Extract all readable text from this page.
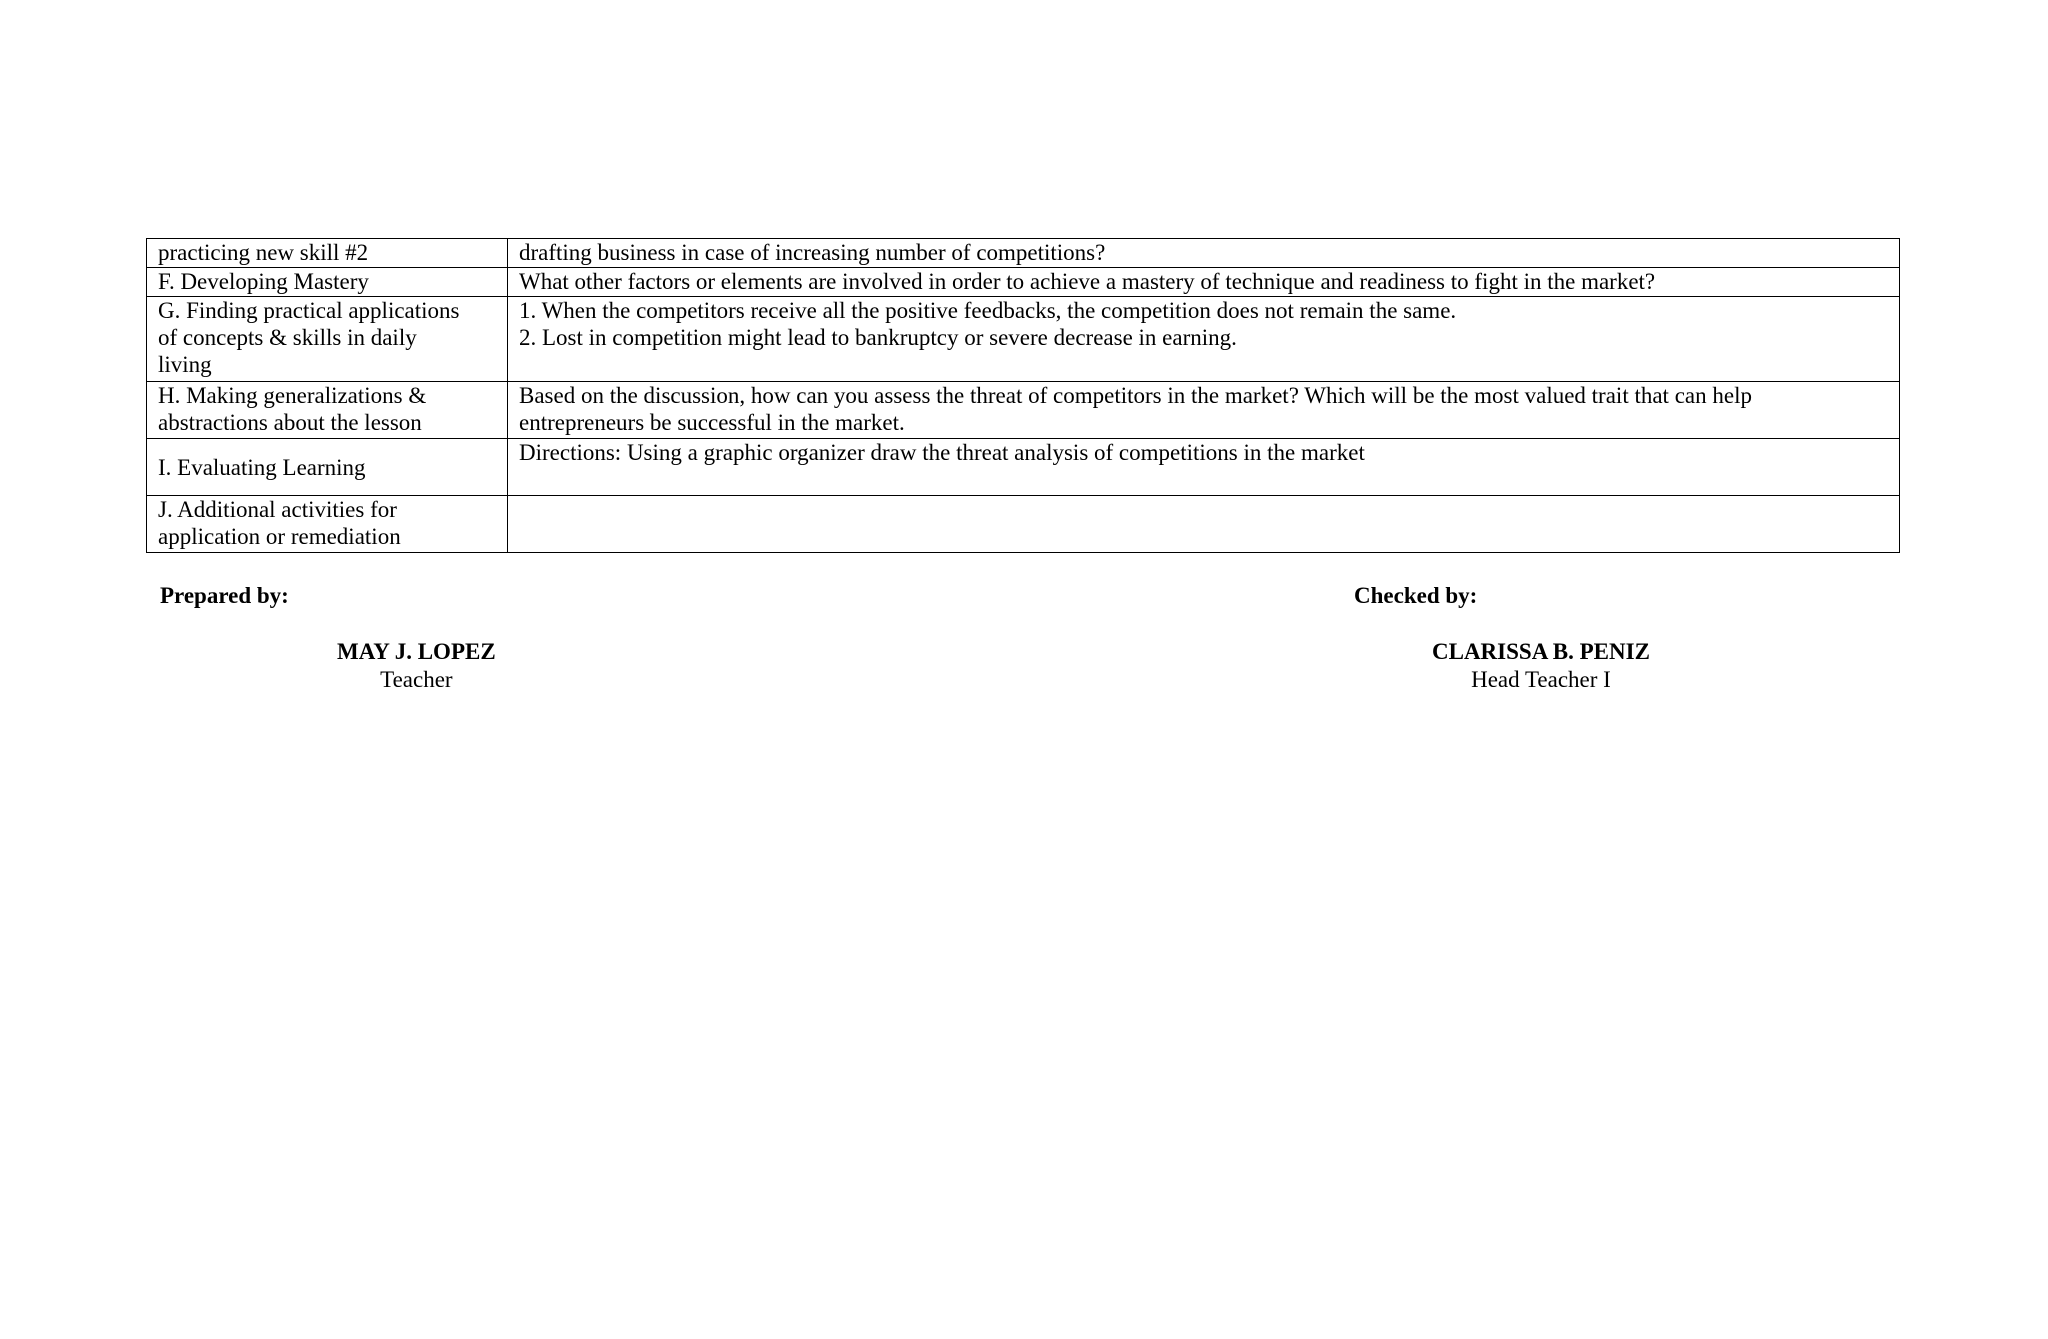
practicing new skill #2	drafting business in case of increasing number of competitions?

F. Developing Mastery	What other factors or elements are involved in order to achieve a mastery of technique and readiness to fight in the market?

G. Finding practical applications
of concepts & skills in daily
living	1. When the competitors receive all the positive feedbacks, the competition does not remain the same.
2. Lost in competition might lead to bankruptcy or severe decrease in earning.

H. Making generalizations &
abstractions about the lesson	Based on the discussion, how can you assess the threat of competitors in the market? Which will be the most valued trait that can help
entrepreneurs be successful in the market.

I. Evaluating Learning	Directions: Using a graphic organizer draw the threat analysis of competitions in the market

J. Additional activities for
application or remediation	

Prepared by:
MAY J. LOPEZ
Teacher
Checked by:
CLARISSA B. PENIZ
Head Teacher I
